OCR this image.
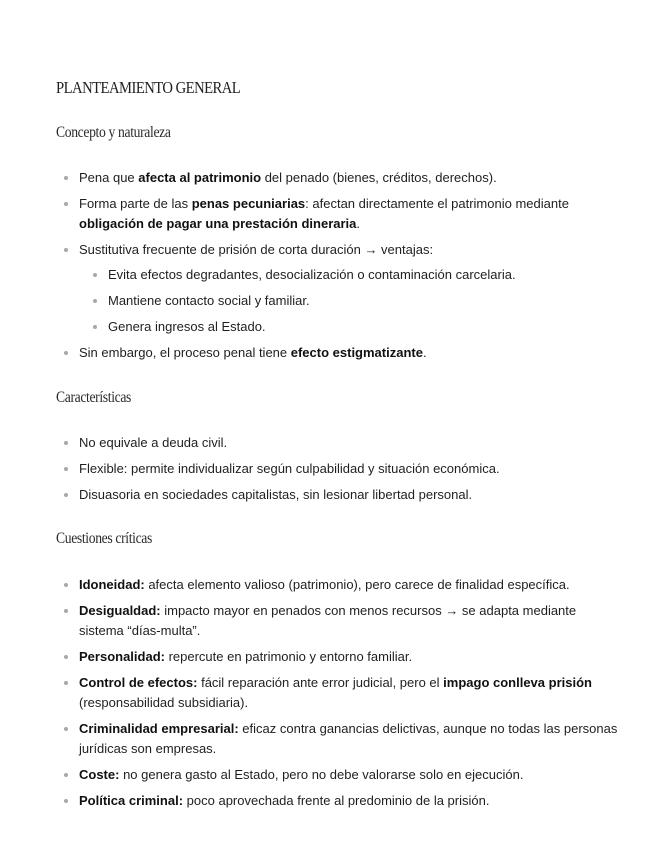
PLANTEAMIENTO GENERAL
Concepto y naturaleza
Pena que afecta al patrimonio del penado (bienes, créditos, derechos).
Forma parte de las penas pecuniarias: afectan directamente el patrimonio mediante obligación de pagar una prestación dineraria.
Sustitutiva frecuente de prisión de corta duración → ventajas:
Evita efectos degradantes, desocialización o contaminación carcelaria.
Mantiene contacto social y familiar.
Genera ingresos al Estado.
Sin embargo, el proceso penal tiene efecto estigmatizante.
Características
No equivale a deuda civil.
Flexible: permite individualizar según culpabilidad y situación económica.
Disuasoria en sociedades capitalistas, sin lesionar libertad personal.
Cuestiones críticas
Idoneidad: afecta elemento valioso (patrimonio), pero carece de finalidad específica.
Desigualdad: impacto mayor en penados con menos recursos → se adapta mediante sistema “días-multa”.
Personalidad: repercute en patrimonio y entorno familiar.
Control de efectos: fácil reparación ante error judicial, pero el impago conlleva prisión (responsabilidad subsidiaria).
Criminalidad empresarial: eficaz contra ganancias delictivas, aunque no todas las personas jurídicas son empresas.
Coste: no genera gasto al Estado, pero no debe valorarse solo en ejecución.
Política criminal: poco aprovechada frente al predominio de la prisión.
